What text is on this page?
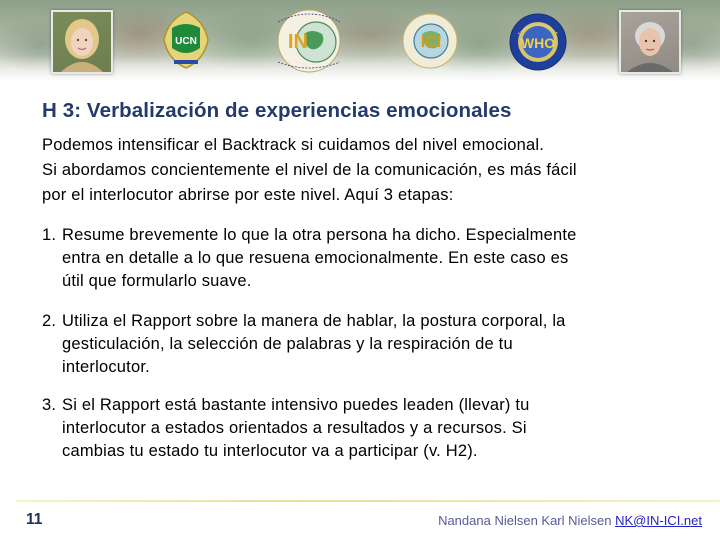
UCN	IN	ICI	WHO
H 3: Verbalización de experiencias emocionales

Podemos intensificar el Backtrack si cuidamos del nivel emocional.
Si abordamos concientemente el nivel de la comunicación, es más fácil
por el interlocutor abrirse por este nivel. Aquí 3 etapas:

1. Resume brevemente lo que la otra persona ha dicho. Especialmente
entra en detalle a lo que resuena emocionalmente. En este caso es
útil que formularlo suave.
2. Utiliza el Rapport sobre la manera de hablar, la postura corporal, la
gesticulación, la selección de palabras y la respiración de tu
interlocutor.
3. Si el Rapport está bastante intensivo puedes leaden (llevar) tu
interlocutor a estados orientados a resultados y a recursos. Si
cambias tu estado tu interlocutor va a participar (v. H2).
11	Nandana Nielsen Karl Nielsen NK@IN-ICI.net
